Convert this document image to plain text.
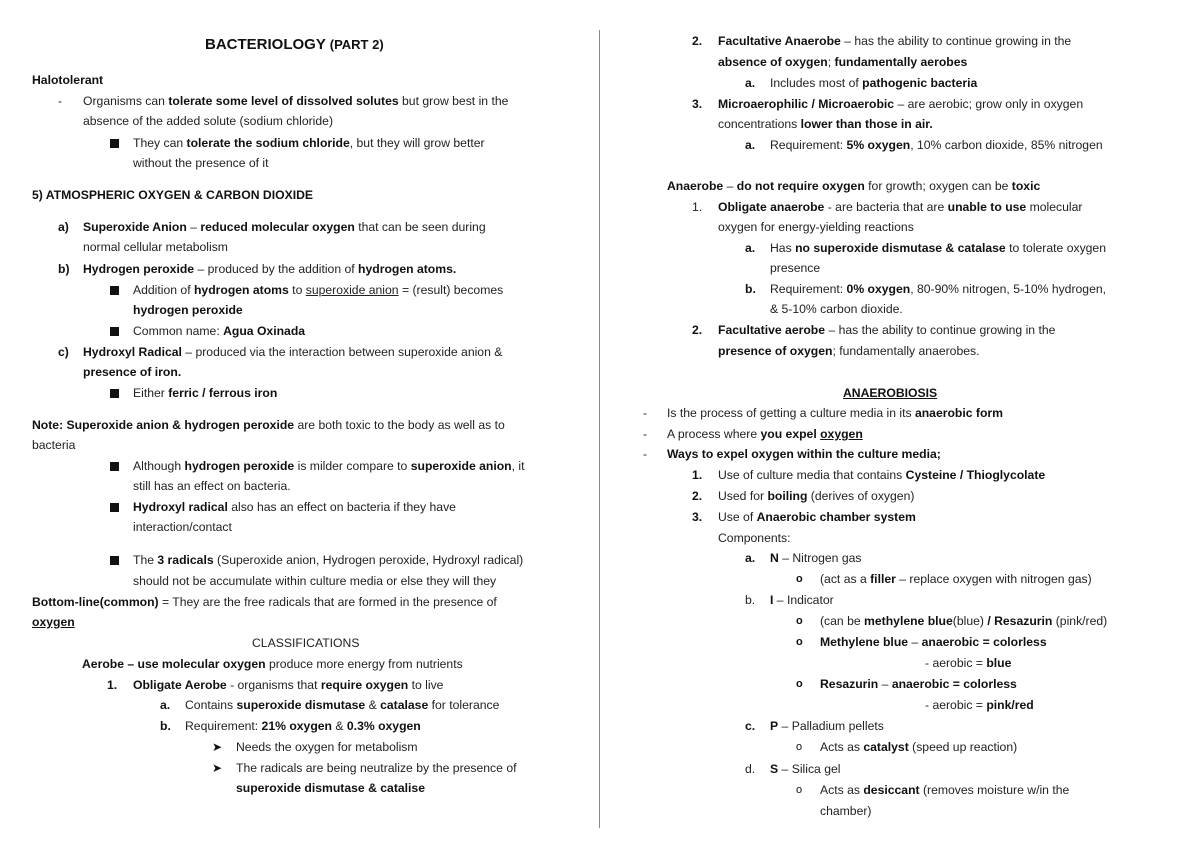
BACTERIOLOGY (PART 2)
Halotolerant
- Organisms can tolerate some level of dissolved solutes but grow best in the
absence of the added solute (sodium chloride)
They can tolerate the sodium chloride, but they will grow better
without the presence of it
5) ATMOSPHERIC OXYGEN & CARBON DIOXIDE
a) Superoxide Anion – reduced molecular oxygen that can be seen during
normal cellular metabolism
b) Hydrogen peroxide – produced by the addition of hydrogen atoms.
Addition of hydrogen atoms to superoxide anion = (result) becomes
hydrogen peroxide
Common name: Agua Oxinada
c) Hydroxyl Radical – produced via the interaction between superoxide anion &
presence of iron.
Either ferric / ferrous iron
Note: Superoxide anion & hydrogen peroxide are both toxic to the body as well as to
bacteria
Although hydrogen peroxide is milder compare to superoxide anion, it
still has an effect on bacteria.
Hydroxyl radical also has an effect on bacteria if they have
interaction/contact
The 3 radicals (Superoxide anion, Hydrogen peroxide, Hydroxyl radical)
should not be accumulate within culture media or else they will they
Bottom-line(common) = They are the free radicals that are formed in the presence of
oxygen
CLASSIFICATIONS
Aerobe – use molecular oxygen produce more energy from nutrients
1. Obligate Aerobe - organisms that require oxygen to live
a. Contains superoxide dismutase & catalase for tolerance
b. Requirement: 21% oxygen & 0.3% oxygen
➤ Needs the oxygen for metabolism
➤ The radicals are being neutralize by the presence of
superoxide dismutase & catalise
2. Facultative Anaerobe – has the ability to continue growing in the
absence of oxygen; fundamentally aerobes
a. Includes most of pathogenic bacteria
3. Microaerophilic / Microaerobic – are aerobic; grow only in oxygen
concentrations lower than those in air.
a. Requirement: 5% oxygen, 10% carbon dioxide, 85% nitrogen
Anaerobe – do not require oxygen for growth; oxygen can be toxic
1. Obligate anaerobe - are bacteria that are unable to use molecular
oxygen for energy-yielding reactions
a. Has no superoxide dismutase & catalase to tolerate oxygen
presence
b. Requirement: 0% oxygen, 80-90% nitrogen, 5-10% hydrogen,
& 5-10% carbon dioxide.
2. Facultative aerobe – has the ability to continue growing in the
presence of oxygen; fundamentally anaerobes.
ANAEROBIOSIS
- Is the process of getting a culture media in its anaerobic form
- A process where you expel oxygen
- Ways to expel oxygen within the culture media;
1. Use of culture media that contains Cysteine / Thioglycolate
2. Used for boiling (derives of oxygen)
3. Use of Anaerobic chamber system
Components:
a. N – Nitrogen gas
o (act as a filler – replace oxygen with nitrogen gas)
b. I – Indicator
o (can be methylene blue(blue) / Resazurin (pink/red)
o Methylene blue – anaerobic = colorless
- aerobic = blue
o Resazurin – anaerobic = colorless
- aerobic = pink/red
c. P – Palladium pellets
o Acts as catalyst (speed up reaction)
d. S – Silica gel
o Acts as desiccant (removes moisture w/in the
chamber)
